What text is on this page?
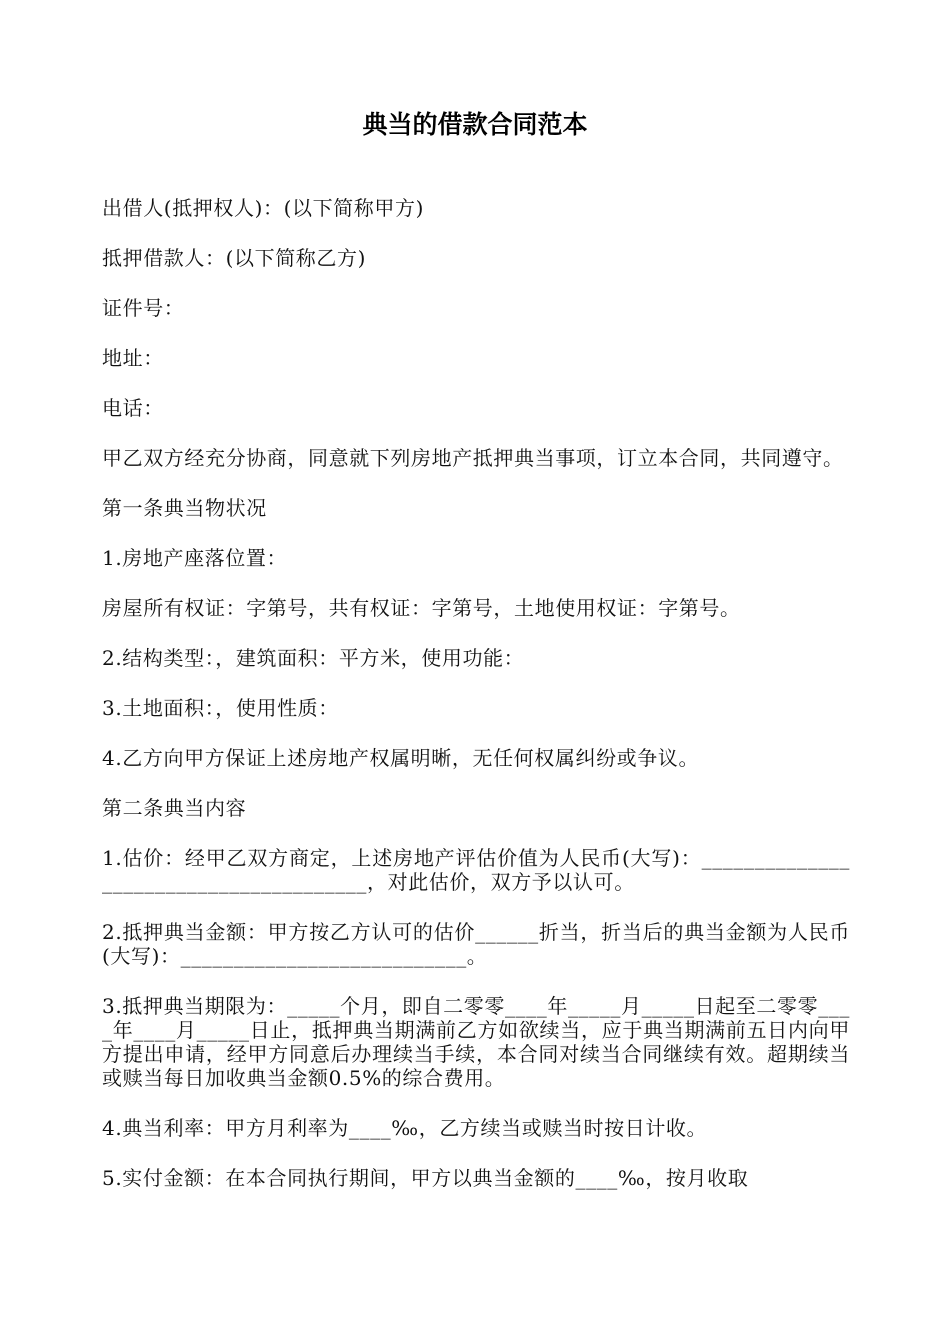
典当的借款合同范本

出借人(抵押权人)：(以下简称甲方)

抵押借款人：(以下简称乙方)

证件号：

地址：

电话：

甲乙双方经充分协商，同意就下列房地产抵押典当事项，订立本合同，共同遵守。

第一条典当物状况

1.房地产座落位置：

房屋所有权证：字第号，共有权证：字第号，土地使用权证：字第号。

2.结构类型：，建筑面积：平方米，使用功能：

3.土地面积：，使用性质：

4.乙方向甲方保证上述房地产权属明晰，无任何权属纠纷或争议。

第二条典当内容

1.估价：经甲乙双方商定，上述房地产评估价值为人民币(大写)：_______________________________________，对此估价，双方予以认可。

2.抵押典当金额：甲方按乙方认可的估价______折当，折当后的典当金额为人民币(大写)：___________________________。

3.抵押典当期限为：_____个月，即自二零零____年_____月_____日起至二零零____年____月_____日止，抵押典当期满前乙方如欲续当，应于典当期满前五日内向甲方提出申请，经甲方同意后办理续当手续，本合同对续当合同继续有效。超期续当或赎当每日加收典当金额0.5%的综合费用。

4.典当利率：甲方月利率为____‰，乙方续当或赎当时按日计收。

5.实付金额：在本合同执行期间，甲方以典当金额的____‰，按月收取
